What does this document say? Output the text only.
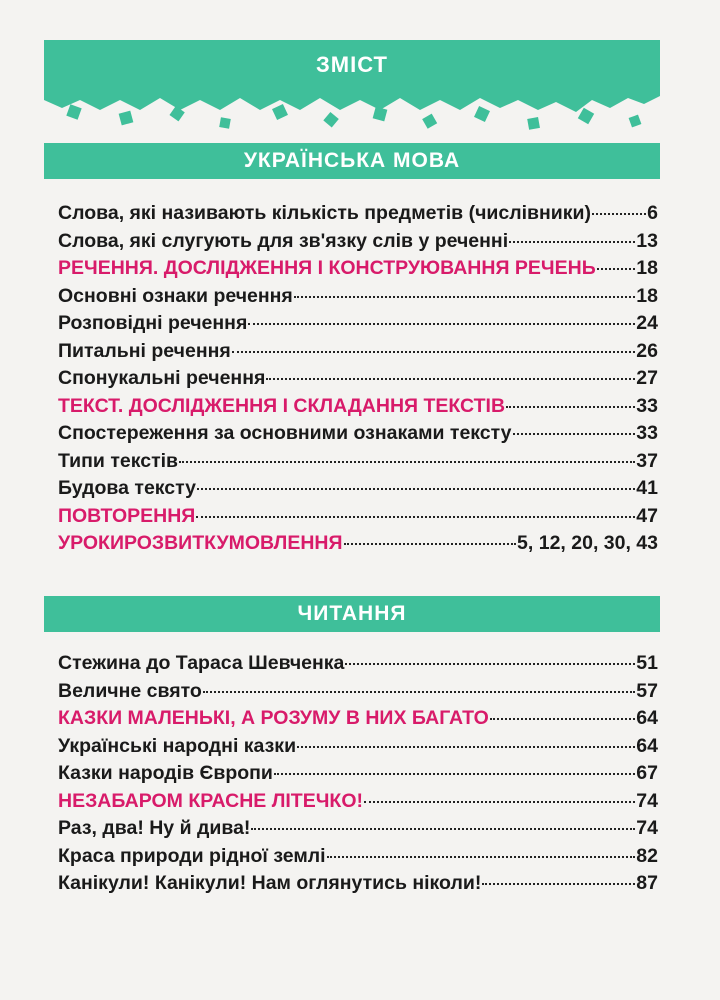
ЗМІСТ
УКРАЇНСЬКА МОВА
Слова, які називають кількість предметів (числівники)	6
Слова, які слугують для зв'язку слів у реченні	13
РЕЧЕННЯ. ДОСЛІДЖЕННЯ І КОНСТРУЮВАННЯ РЕЧЕНЬ 18
Основні ознаки речення	18
Розповідні речення	24
Питальні речення	26
Спонукальні речення	27
ТЕКСТ. ДОСЛІДЖЕННЯ І СКЛАДАННЯ ТЕКСТІВ	33
Спостереження за основними ознаками тексту	33
Типи текстів	37
Будова тексту	41
ПОВТОРЕННЯ	47
УРОКИРОЗВИТКУМОВЛЕННЯ	5, 12, 20, 30, 43
ЧИТАННЯ
Стежина до Тараса Шевченка	51
Величне свято	57
КАЗКИ МАЛЕНЬКІ, А РОЗУМУ В НИХ БАГАТО	64
Українські народні казки	64
Казки народів Європи	67
НЕЗАБАРОМ КРАСНЕ ЛІТЕЧКО!	74
Раз, два! Ну й дива!	74
Краса природи рідної землі	82
Канікули! Канікули! Нам оглянутись ніколи!	87
